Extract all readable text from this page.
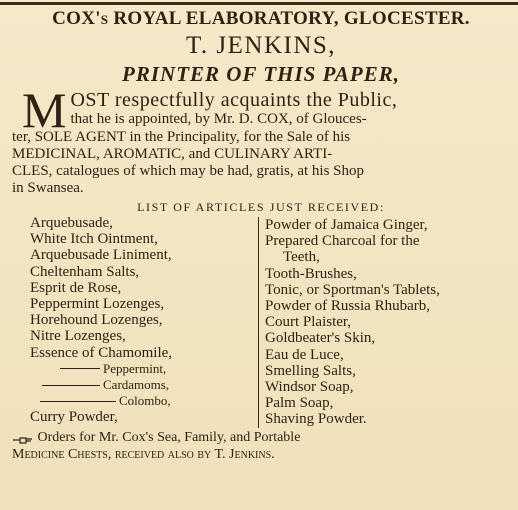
COX's ROYAL ELABORATORY, GLOCESTER.
T. JENKINS,
PRINTER OF THIS PAPER,
M OST respectfully acquaints the Public,
that he is appointed, by Mr. D. COX, of Glouces-
ter, SOLE AGENT in the Principality, for the Sale of his
MEDICINAL, AROMATIC, and CULINARY ARTI-
CLES, catalogues of which may be had, gratis, at his Shop
in Swansea.
LIST OF ARTICLES JUST RECEIVED:
Arquebusade,
White Itch Ointment,
Arquebusade Liniment,
Cheltenham Salts,
Esprit de Rose,
Peppermint Lozenges,
Horehound Lozenges,
Nitre Lozenges,
Essence of Chamomile,
Peppermint,
Cardamoms,
Colombo,
Curry Powder,
Powder of Jamaica Ginger,
Prepared Charcoal for the
Teeth,
Tooth-Brushes,
Tonic, or Sportman's Tablets,
Powder of Russia Rhubarb,
Court Plaister,
Goldbeater's Skin,
Eau de Luce,
Smelling Salts,
Windsor Soap,
Palm Soap,
Shaving Powder.
Orders for Mr. Cox's Sea, Family, and Portable
Medicine Chests, received also by T. Jenkins.
